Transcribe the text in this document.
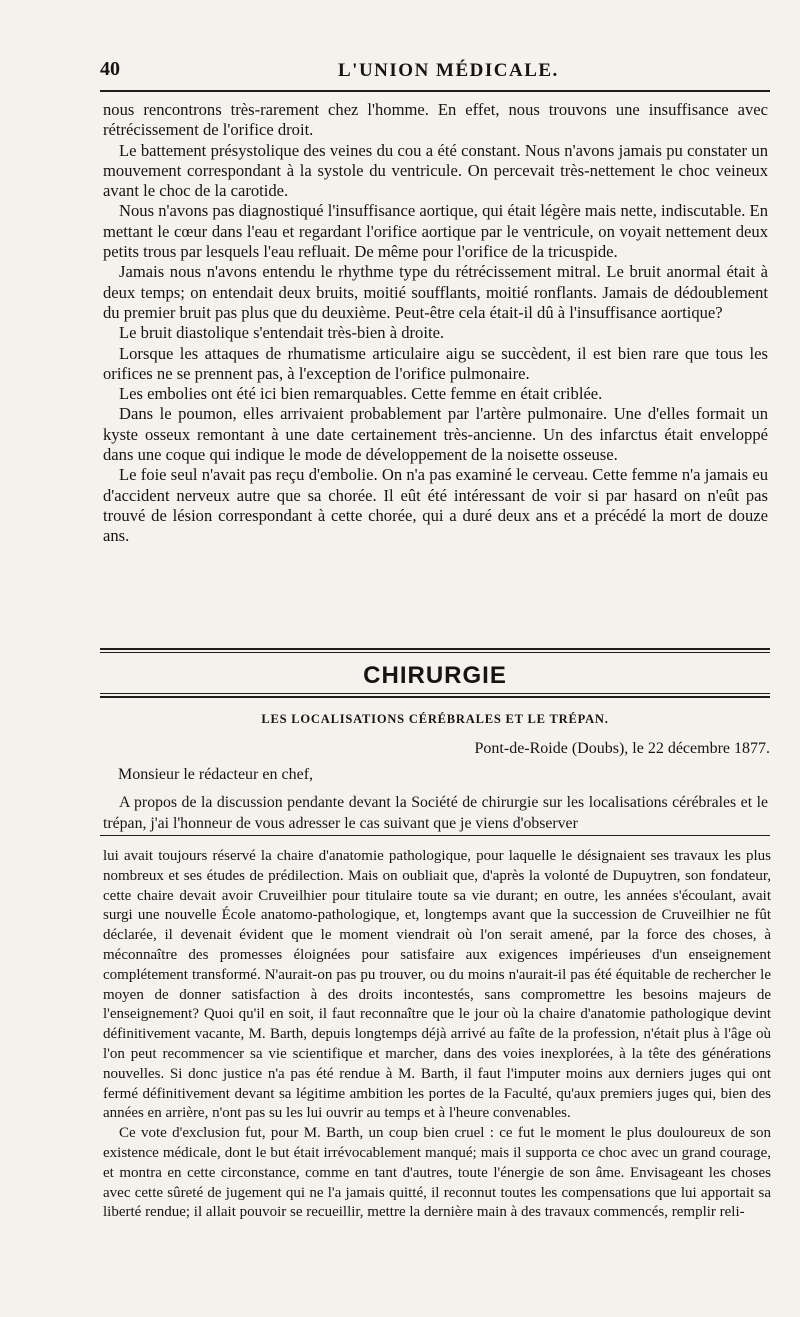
40	L'UNION MÉDICALE.

nous rencontrons très-rarement chez l'homme. En effet, nous trouvons une insuffisance avec rétrécissement de l'orifice droit.

Le battement présystolique des veines du cou a été constant. Nous n'avons jamais pu constater un mouvement correspondant à la systole du ventricule. On percevait très-nettement le choc veineux avant le choc de la carotide.

Nous n'avons pas diagnostiqué l'insuffisance aortique, qui était légère mais nette, indiscutable. En mettant le cœur dans l'eau et regardant l'orifice aortique par le ventricule, on voyait nettement deux petits trous par lesquels l'eau refluait. De même pour l'orifice de la tricuspide.

Jamais nous n'avons entendu le rhythme type du rétrécissement mitral. Le bruit anormal était à deux temps; on entendait deux bruits, moitié soufflants, moitié ronflants. Jamais de dédoublement du premier bruit pas plus que du deuxième. Peut-être cela était-il dû à l'insuffisance aortique?

Le bruit diastolique s'entendait très-bien à droite.

Lorsque les attaques de rhumatisme articulaire aigu se succèdent, il est bien rare que tous les orifices ne se prennent pas, à l'exception de l'orifice pulmonaire.

Les embolies ont été ici bien remarquables. Cette femme en était criblée.

Dans le poumon, elles arrivaient probablement par l'artère pulmonaire. Une d'elles formait un kyste osseux remontant à une date certainement très-ancienne. Un des infarctus était enveloppé dans une coque qui indique le mode de développement de la noisette osseuse.

Le foie seul n'avait pas reçu d'embolie. On n'a pas examiné le cerveau. Cette femme n'a jamais eu d'accident nerveux autre que sa chorée. Il eût été intéressant de voir si par hasard on n'eût pas trouvé de lésion correspondant à cette chorée, qui a duré deux ans et a précédé la mort de douze ans.

CHIRURGIE
LES LOCALISATIONS CÉRÉBRALES ET LE TRÉPAN.
Pont-de-Roide (Doubs), le 22 décembre 1877.
Monsieur le rédacteur en chef,

A propos de la discussion pendante devant la Société de chirurgie sur les localisations cérébrales et le trépan, j'ai l'honneur de vous adresser le cas suivant que je viens d'observer

lui avait toujours réservé la chaire d'anatomie pathologique, pour laquelle le désignaient ses travaux les plus nombreux et ses études de prédilection. Mais on oubliait que, d'après la volonté de Dupuytren, son fondateur, cette chaire devait avoir Cruveilhier pour titulaire toute sa vie durant; en outre, les années s'écoulant, avait surgi une nouvelle École anatomo-pathologique, et, longtemps avant que la succession de Cruveilhier ne fût déclarée, il devenait évident que le moment viendrait où l'on serait amené, par la force des choses, à méconnaître des promesses éloignées pour satisfaire aux exigences impérieuses d'un enseignement complétement transformé. N'aurait-on pas pu trouver, ou du moins n'aurait-il pas été équitable de rechercher le moyen de donner satisfaction à des droits incontestés, sans compromettre les besoins majeurs de l'enseignement? Quoi qu'il en soit, il faut reconnaître que le jour où la chaire d'anatomie pathologique devint définitivement vacante, M. Barth, depuis longtemps déjà arrivé au faîte de la profession, n'était plus à l'âge où l'on peut recommencer sa vie scientifique et marcher, dans des voies inexplorées, à la tête des générations nouvelles. Si donc justice n'a pas été rendue à M. Barth, il faut l'imputer moins aux derniers juges qui ont fermé définitivement devant sa légitime ambition les portes de la Faculté, qu'aux premiers juges qui, bien des années en arrière, n'ont pas su les lui ouvrir au temps et à l'heure convenables.

Ce vote d'exclusion fut, pour M. Barth, un coup bien cruel : ce fut le moment le plus douloureux de son existence médicale, dont le but était irrévocablement manqué; mais il supporta ce choc avec un grand courage, et montra en cette circonstance, comme en tant d'autres, toute l'énergie de son âme. Envisageant les choses avec cette sûreté de jugement qui ne l'a jamais quitté, il reconnut toutes les compensations que lui apportait sa liberté rendue; il allait pouvoir se recueillir, mettre la dernière main à des travaux commencés, remplir reli-
